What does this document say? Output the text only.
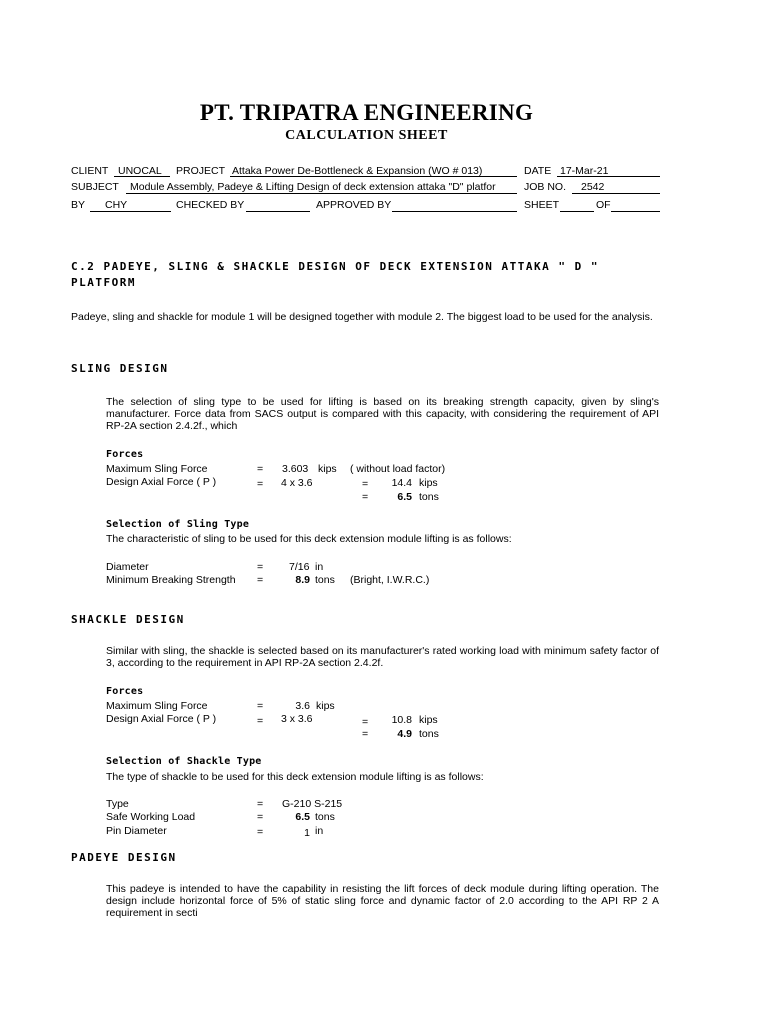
PT. TRIPATRA ENGINEERING
CALCULATION SHEET
CLIENT UNOCAL PROJECT Attaka Power De-Bottleneck & Expansion (WO # 013)	DATE 17-Mar-21
SUBJECT Module Assembly, Padeye & Lifting Design of deck extension attaka "D" platfor	JOB NO. 2542
BY CHY	CHECKED BY	APPROVED BY	SHEET	OF
C.2 PADEYE, SLING & SHACKLE DESIGN OF DECK EXTENSION ATTAKA " D "
PLATFORM
Padeye, sling and shackle for module 1 will be designed together with module 2. The biggest load to be used for the analysis.
SLING DESIGN
The selection of sling type to be used for lifting is based on its breaking strength capacity, given by sling's manufacturer. Force data from SACS output is compared with this capacity, with considering the requirement of API RP-2A section 2.4.2f., which
Forces
Maximum Sling Force	= 3.603 kips ( without load factor)
Design Axial Force ( P )	= 4 x 3.6	=	14.4 kips
=	6.5 tons
Selection of Sling Type
The characteristic of sling to be used for this deck extension module lifting is as follows:
Diameter	= 7/16 in
Minimum Breaking Strength =	8.9 tons (Bright, I.W.R.C.)
SHACKLE DESIGN
Similar with sling, the shackle is selected based on its manufacturer's rated working load with minimum safety factor of 3, according to the requirement in API RP-2A section 2.4.2f.
Forces
Maximum Sling Force	=	3.6 kips
Design Axial Force ( P )	= 3 x 3.6	=	10.8 kips
=	4.9 tons
Selection of Shackle Type
The type of shackle to be used for this deck extension module lifting is as follows:
Type	= G-210 S-215
Safe Working Load	=	6.5 tons
Pin Diameter	=	1 in
PADEYE DESIGN
This padeye is intended to have the capability in resisting the lift forces of deck module during lifting operation. The design include horizontal force of 5% of static sling force and dynamic factor of 2.0 according to the API RP 2 A requirement in secti
